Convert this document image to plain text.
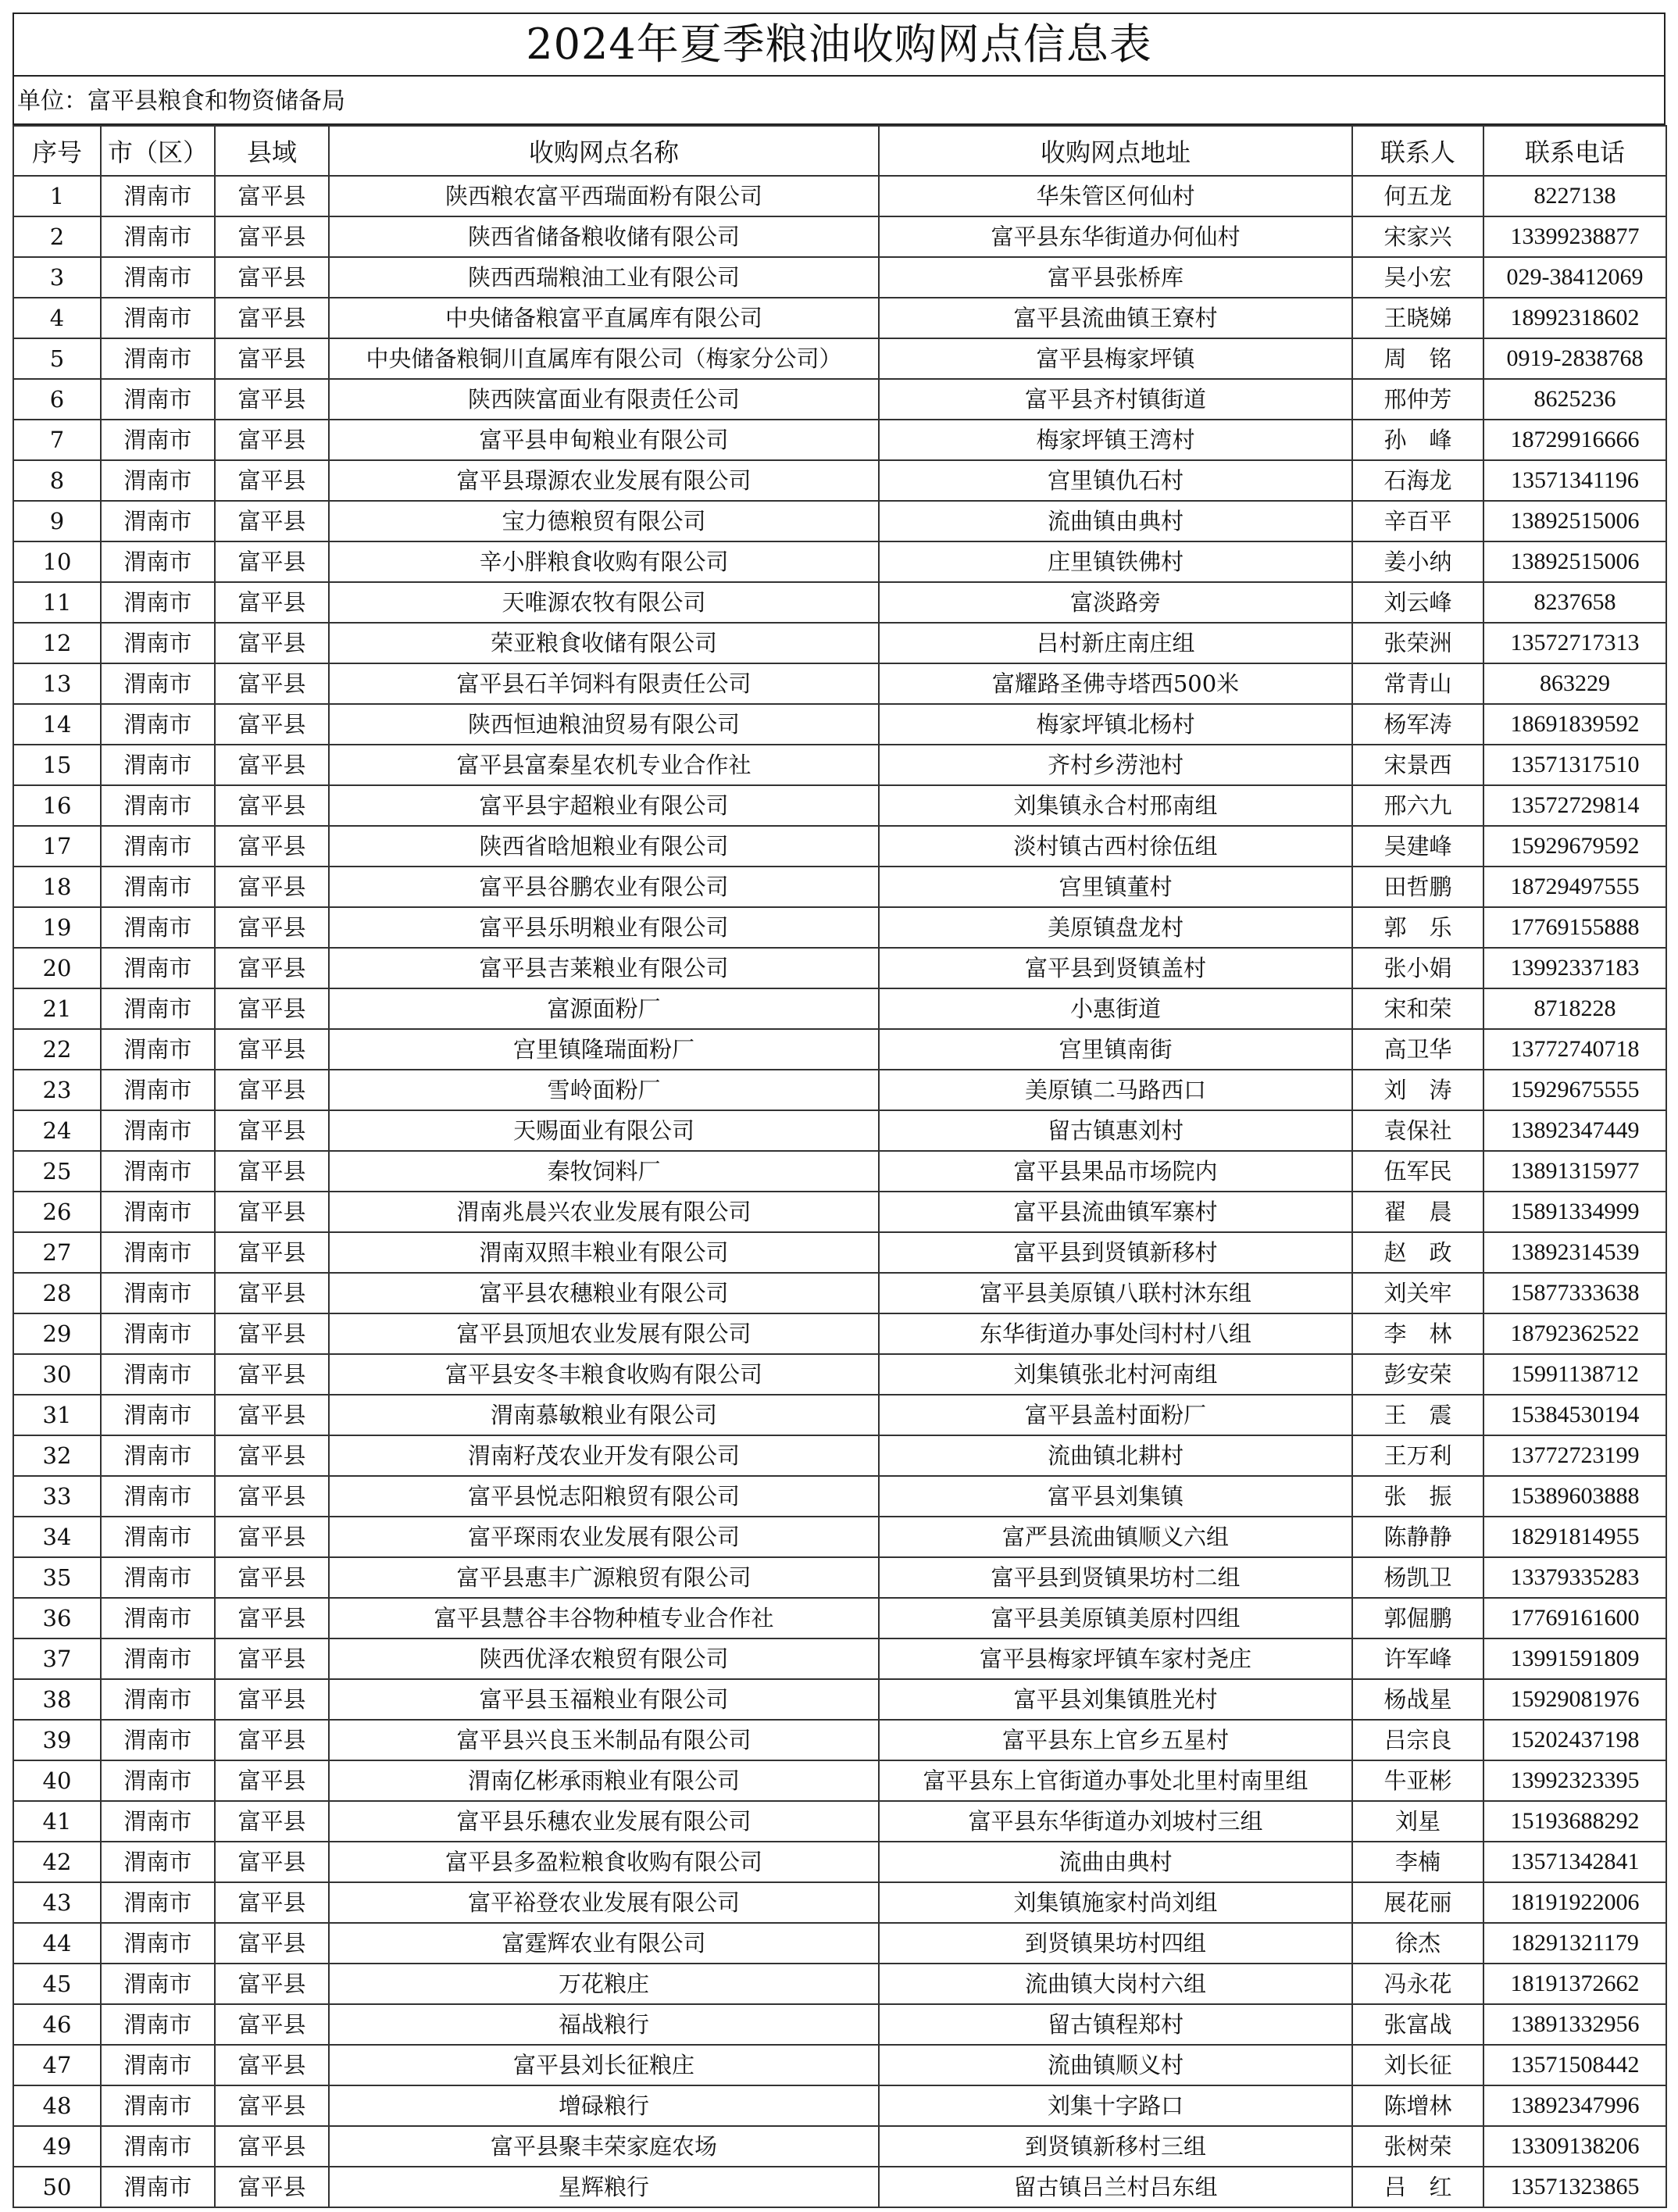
2024年夏季粮油收购网点信息表
单位：富平县粮食和物资储备局
序号	市（区）	县域	收购网点名称	收购网点地址	联系人	联系电话
1	渭南市	富平县	陕西粮农富平西瑞面粉有限公司	华朱管区何仙村	何五龙	8227138
2	渭南市	富平县	陕西省储备粮收储有限公司	富平县东华街道办何仙村	宋家兴	13399238877
3	渭南市	富平县	陕西西瑞粮油工业有限公司	富平县张桥库	吴小宏	029-38412069
4	渭南市	富平县	中央储备粮富平直属库有限公司	富平县流曲镇王寮村	王晓娣	18992318602
5	渭南市	富平县	中央储备粮铜川直属库有限公司（梅家分公司）	富平县梅家坪镇	周　铭	0919-2838768
6	渭南市	富平县	陕西陕富面业有限责任公司	富平县齐村镇街道	邢仲芳	8625236
7	渭南市	富平县	富平县申甸粮业有限公司	梅家坪镇王湾村	孙　峰	18729916666
8	渭南市	富平县	富平县璟源农业发展有限公司	宫里镇仇石村	石海龙	13571341196
9	渭南市	富平县	宝力德粮贸有限公司	流曲镇由典村	辛百平	13892515006
10	渭南市	富平县	辛小胖粮食收购有限公司	庄里镇铁佛村	姜小纳	13892515006
11	渭南市	富平县	天唯源农牧有限公司	富淡路旁	刘云峰	8237658
12	渭南市	富平县	荣亚粮食收储有限公司	吕村新庄南庄组	张荣洲	13572717313
13	渭南市	富平县	富平县石羊饲料有限责任公司	富耀路圣佛寺塔西500米	常青山	863229
14	渭南市	富平县	陕西恒迪粮油贸易有限公司	梅家坪镇北杨村	杨军涛	18691839592
15	渭南市	富平县	富平县富秦星农机专业合作社	齐村乡涝池村	宋景西	13571317510
16	渭南市	富平县	富平县宇超粮业有限公司	刘集镇永合村邢南组	邢六九	13572729814
17	渭南市	富平县	陕西省晗旭粮业有限公司	淡村镇古西村徐伍组	吴建峰	15929679592
18	渭南市	富平县	富平县谷鹏农业有限公司	宫里镇董村	田哲鹏	18729497555
19	渭南市	富平县	富平县乐明粮业有限公司	美原镇盘龙村	郭　乐	17769155888
20	渭南市	富平县	富平县吉莱粮业有限公司	富平县到贤镇盖村	张小娟	13992337183
21	渭南市	富平县	富源面粉厂	小惠街道	宋和荣	8718228
22	渭南市	富平县	宫里镇隆瑞面粉厂	宫里镇南街	高卫华	13772740718
23	渭南市	富平县	雪岭面粉厂	美原镇二马路西口	刘　涛	15929675555
24	渭南市	富平县	天赐面业有限公司	留古镇惠刘村	袁保社	13892347449
25	渭南市	富平县	秦牧饲料厂	富平县果品市场院内	伍军民	13891315977
26	渭南市	富平县	渭南兆晨兴农业发展有限公司	富平县流曲镇军寨村	翟　晨	15891334999
27	渭南市	富平县	渭南双照丰粮业有限公司	富平县到贤镇新移村	赵　政	13892314539
28	渭南市	富平县	富平县农穗粮业有限公司	富平县美原镇八联村沐东组	刘关牢	15877333638
29	渭南市	富平县	富平县顶旭农业发展有限公司	东华街道办事处闫村村八组	李　林	18792362522
30	渭南市	富平县	富平县安冬丰粮食收购有限公司	刘集镇张北村河南组	彭安荣	15991138712
31	渭南市	富平县	渭南慕敏粮业有限公司	富平县盖村面粉厂	王　震	15384530194
32	渭南市	富平县	渭南籽茂农业开发有限公司	流曲镇北耕村	王万利	13772723199
33	渭南市	富平县	富平县悦志阳粮贸有限公司	富平县刘集镇	张　振	15389603888
34	渭南市	富平县	富平琛雨农业发展有限公司	富严县流曲镇顺义六组	陈静静	18291814955
35	渭南市	富平县	富平县惠丰广源粮贸有限公司	富平县到贤镇果坊村二组	杨凯卫	13379335283
36	渭南市	富平县	富平县慧谷丰谷物种植专业合作社	富平县美原镇美原村四组	郭倔鹏	17769161600
37	渭南市	富平县	陕西优泽农粮贸有限公司	富平县梅家坪镇车家村尧庄	许军峰	13991591809
38	渭南市	富平县	富平县玉福粮业有限公司	富平县刘集镇胜光村	杨战星	15929081976
39	渭南市	富平县	富平县兴良玉米制品有限公司	富平县东上官乡五星村	吕宗良	15202437198
40	渭南市	富平县	渭南亿彬承雨粮业有限公司	富平县东上官街道办事处北里村南里组	牛亚彬	13992323395
41	渭南市	富平县	富平县乐穗农业发展有限公司	富平县东华街道办刘坡村三组	刘星	15193688292
42	渭南市	富平县	富平县多盈粒粮食收购有限公司	流曲由典村	李楠	13571342841
43	渭南市	富平县	富平裕登农业发展有限公司	刘集镇施家村尚刘组	展花丽	18191922006
44	渭南市	富平县	富霆辉农业有限公司	到贤镇果坊村四组	徐杰	18291321179
45	渭南市	富平县	万花粮庄	流曲镇大岗村六组	冯永花	18191372662
46	渭南市	富平县	福战粮行	留古镇程郑村	张富战	13891332956
47	渭南市	富平县	富平县刘长征粮庄	流曲镇顺义村	刘长征	13571508442
48	渭南市	富平县	增碌粮行	刘集十字路口	陈增林	13892347996
49	渭南市	富平县	富平县聚丰荣家庭农场	到贤镇新移村三组	张树荣	13309138206
50	渭南市	富平县	星辉粮行	留古镇吕兰村吕东组	吕　红	13571323865
